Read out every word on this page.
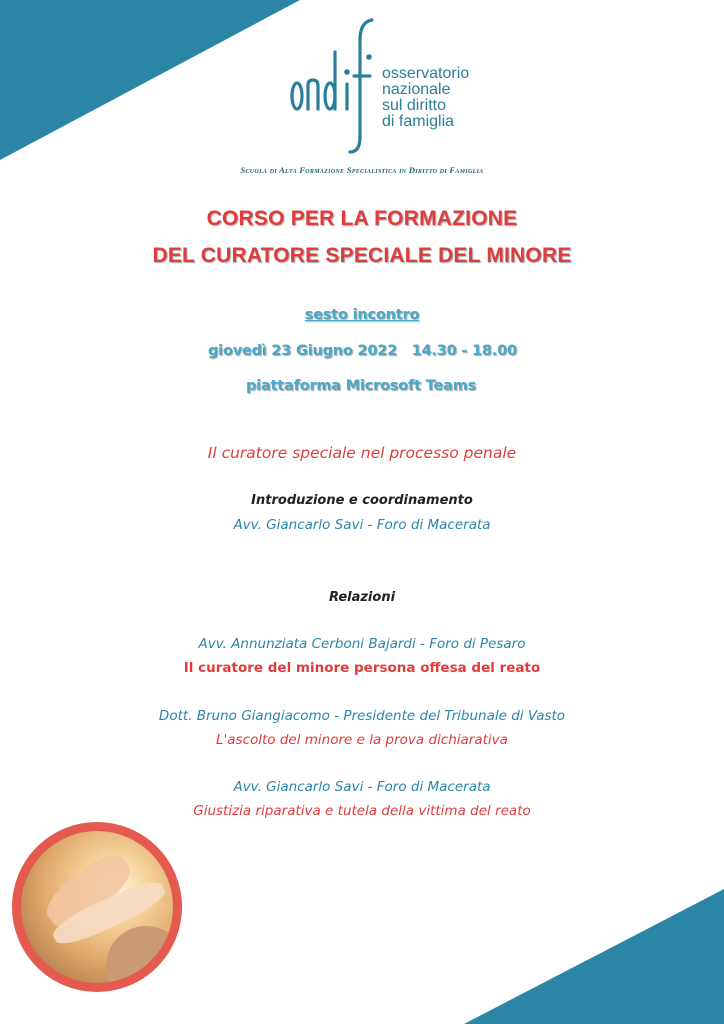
osservatorio
nazionale
sul diritto
di famiglia
Scuola di Alta Formazione Specialistica in Diritto di Famiglia
CORSO PER LA FORMAZIONE
DEL CURATORE SPECIALE DEL MINORE
sesto incontro
giovedì 23 Giugno 2022   14.30 - 18.00
piattaforma Microsoft Teams
Il curatore speciale nel processo penale
Introduzione e coordinamento
Avv. Giancarlo Savi - Foro di Macerata
Relazioni
Avv. Annunziata Cerboni Bajardi - Foro di Pesaro
Il curatore del minore persona offesa del reato
Dott. Bruno Giangiacomo - Presidente del Tribunale di Vasto
L'ascolto del minore e la prova dichiarativa
Avv. Giancarlo Savi - Foro di Macerata
Giustizia riparativa e tutela della vittima del reato
